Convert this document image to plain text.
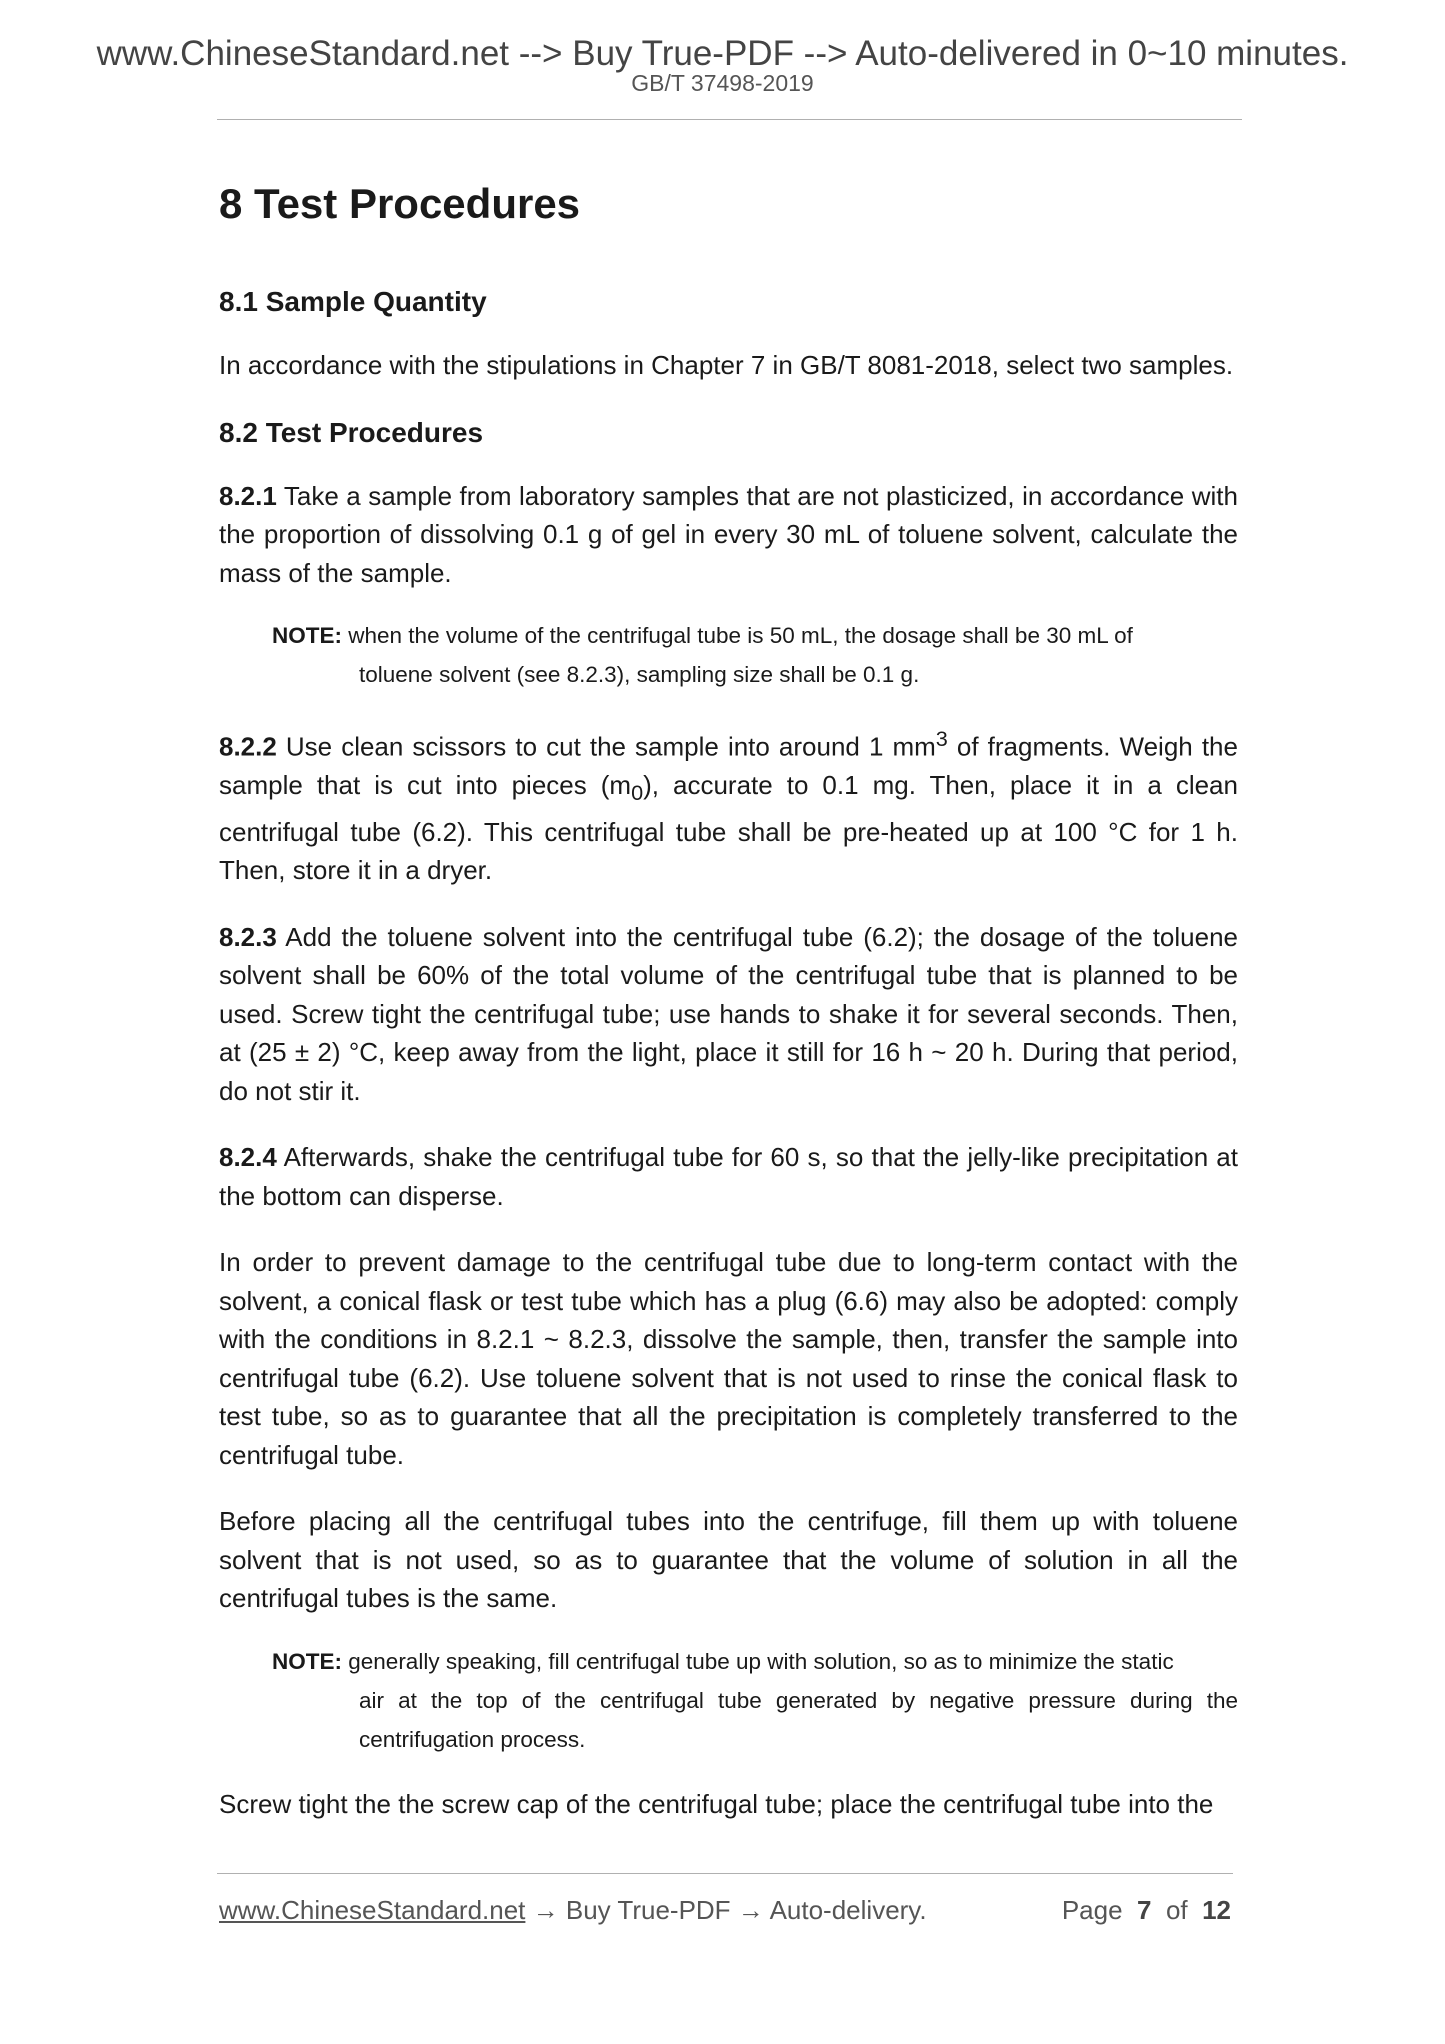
www.ChineseStandard.net --> Buy True-PDF --> Auto-delivered in 0~10 minutes.
GB/T 37498-2019
8 Test Procedures
8.1 Sample Quantity

In accordance with the stipulations in Chapter 7 in GB/T 8081-2018, select two samples.

8.2 Test Procedures

8.2.1 Take a sample from laboratory samples that are not plasticized, in accordance with the proportion of dissolving 0.1 g of gel in every 30 mL of toluene solvent, calculate the mass of the sample.

NOTE: when the volume of the centrifugal tube is 50 mL, the dosage shall be 30 mL of
toluene solvent (see 8.2.3), sampling size shall be 0.1 g.

8.2.2 Use clean scissors to cut the sample into around 1 $mm^3$ of fragments. Weigh the sample that is cut into pieces $(m_0)$, accurate to 0.1 mg. Then, place it in a clean centrifugal tube (6.2). This centrifugal tube shall be pre-heated up at 100 °C for 1 h. Then, store it in a dryer.

8.2.3 Add the toluene solvent into the centrifugal tube (6.2); the dosage of the toluene solvent shall be 60% of the total volume of the centrifugal tube that is planned to be used. Screw tight the centrifugal tube; use hands to shake it for several seconds. Then, at (25 ± 2) °C, keep away from the light, place it still for 16 h ~ 20 h. During that period, do not stir it.

8.2.4 Afterwards, shake the centrifugal tube for 60 s, so that the jelly-like precipitation at the bottom can disperse.

In order to prevent damage to the centrifugal tube due to long-term contact with the solvent, a conical flask or test tube which has a plug (6.6) may also be adopted: comply with the conditions in 8.2.1 ~ 8.2.3, dissolve the sample, then, transfer the sample into centrifugal tube (6.2). Use toluene solvent that is not used to rinse the conical flask to test tube, so as to guarantee that all the precipitation is completely transferred to the centrifugal tube.

Before placing all the centrifugal tubes into the centrifuge, fill them up with toluene solvent that is not used, so as to guarantee that the volume of solution in all the centrifugal tubes is the same.

NOTE: generally speaking, fill centrifugal tube up with solution, so as to minimize the static
air at the top of the centrifugal tube generated by negative pressure during the centrifugation process.

Screw tight the the screw cap of the centrifugal tube; place the centrifugal tube into the

www.ChineseStandard.net → Buy True-PDF → Auto-delivery.	Page 7 of 12
